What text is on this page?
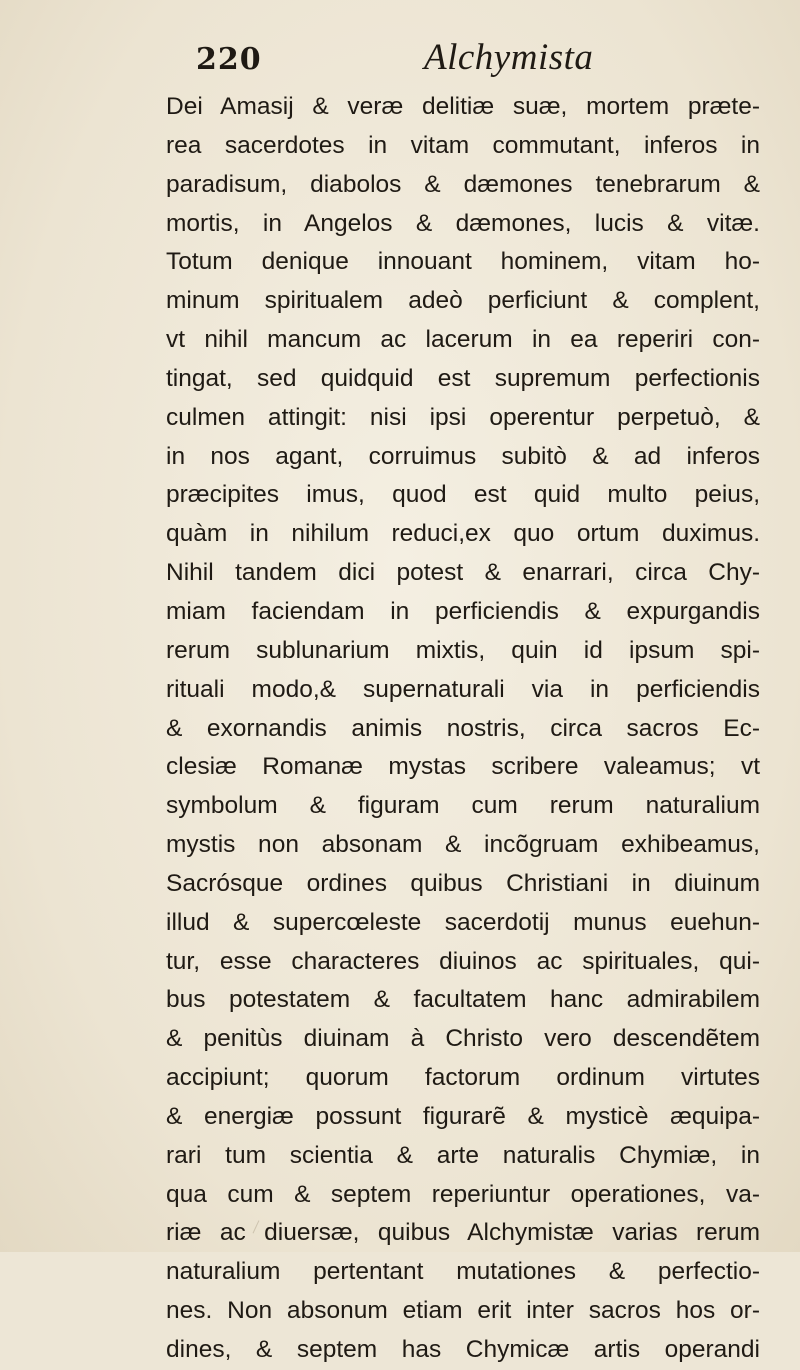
220	Alchymista
Dei Amasij & veræ delitiæ suæ, mortem præte-
rea sacerdotes in vitam commutant, inferos in
paradisum, diabolos & dæmones tenebrarum &
mortis, in Angelos & dæmones, lucis & vitæ.
Totum denique innouant hominem, vitam ho-
minum spiritualem adeò perficiunt & complent,
vt nihil mancum ac lacerum in ea reperiri con-
tingat, sed quidquid est supremum perfectionis
culmen attingit: nisi ipsi operentur perpetuò, &
in nos agant, corruimus subitò & ad inferos
præcipites imus, quod est quid multo peius,
quàm in nihilum reduci,ex quo ortum duximus.
Nihil tandem dici potest & enarrari, circa Chy-
miam faciendam in perficiendis & expurgandis
rerum sublunarium mixtis, quin id ipsum spi-
rituali modo,& supernaturali via in perficiendis
& exornandis animis nostris, circa sacros Ec-
clesiæ Romanæ mystas scribere valeamus; vt
symbolum & figuram cum rerum naturalium
mystis non absonam & incõgruam exhibeamus,
Sacrósque ordines quibus Christiani in diuinum
illud & supercœleste sacerdotij munus euehun-
tur, esse characteres diuinos ac spirituales, qui-
bus potestatem & facultatem hanc admirabilem
& penitùs diuinam à Christo vero descendẽtem
accipiunt; quorum factorum ordinum virtutes
& energiæ possunt figurarẽ & mysticè æquipa-
rari tum scientia & arte naturalis Chymiæ, in
qua cum & septem reperiuntur operationes, va-
riæ ac diuersæ, quibus Alchymistæ varias rerum
naturalium pertentant mutationes & perfectio-
nes. Non absonum etiam erit inter sacros hos or-
dines, & septem has Chymicæ artis operandi
